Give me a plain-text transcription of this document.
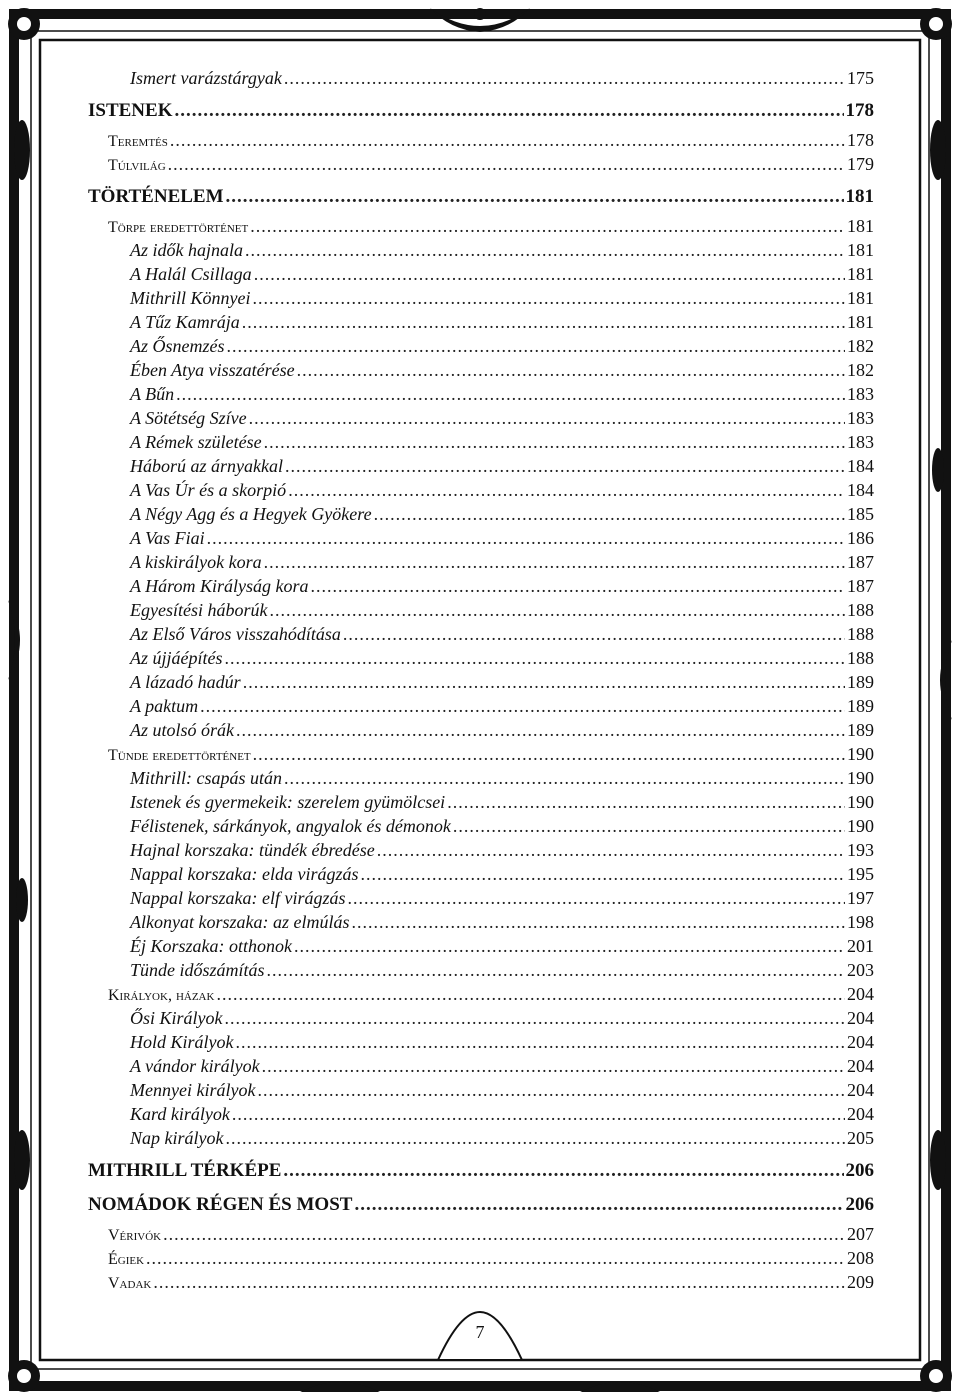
Ismert varázstárgyak .....	175
ISTENEK .....	178
Teremtés .....	178
Túlvilág .....	179
TÖRTÉNELEM .....	181
Törpe eredettörténet .....	181
Az idők hajnala .....	181
A Halál Csillaga .....	181
Mithrill Könnyei .....	181
A Tűz Kamrája .....	181
Az Ősnemzés .....	182
Ében Atya visszatérése .....	182
A Bűn .....	183
A Sötétség Szíve .....	183
A Rémek születése .....	183
Háború az árnyakkal .....	184
A Vas Úr és a skorpió .....	184
A Négy Agg és a Hegyek Gyökere .....	185
A Vas Fiai .....	186
A kiskirályok kora .....	187
A Három Királyság kora .....	187
Egyesítési háborúk .....	188
Az Első Város visszahódítása .....	188
Az újjáépítés .....	188
A lázadó hadúr .....	189
A paktum .....	189
Az utolsó órák .....	189
Tünde eredettörténet .....	190
Mithrill: csapás után .....	190
Istenek és gyermekeik: szerelem gyümölcsei .....	190
Félistenek, sárkányok, angyalok és démonok .....	190
Hajnal korszaka: tündék ébredése .....	193
Nappal korszaka: elda virágzás .....	195
Nappal korszaka: elf virágzás .....	197
Alkonyat korszaka: az elmúlás .....	198
Éj Korszaka: otthonok .....	201
Tünde időszámítás .....	203
Királyok, házak .....	204
Ősi Királyok .....	204
Hold Királyok .....	204
A vándor királyok .....	204
Mennyei királyok .....	204
Kard királyok .....	204
Nap királyok .....	205
MITHRILL TÉRKÉPE .....	206
NOMÁDOK RÉGEN ÉS MOST .....	206
Vérivók .....	207
Égiek .....	208
Vadak .....	209
7
